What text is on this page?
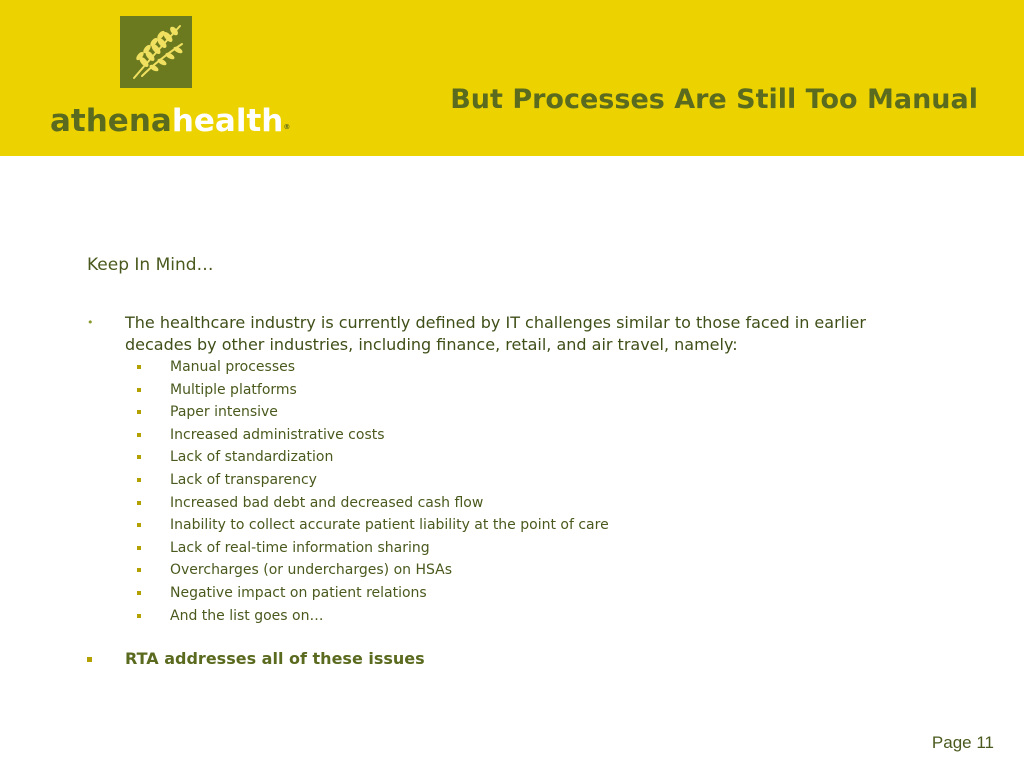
athenahealth®
But Processes Are Still Too Manual
Keep In Mind…
• The healthcare industry is currently defined by IT challenges similar to those faced in earlier decades by other industries, including finance, retail, and air travel, namely:
Manual processes
Multiple platforms
Paper intensive
Increased administrative costs
Lack of standardization
Lack of transparency
Increased bad debt and decreased cash flow
Inability to collect accurate patient liability at the point of care
Lack of real-time information sharing
Overcharges (or undercharges) on HSAs
Negative impact on patient relations
And the list goes on…
RTA addresses all of these issues
Page 11
